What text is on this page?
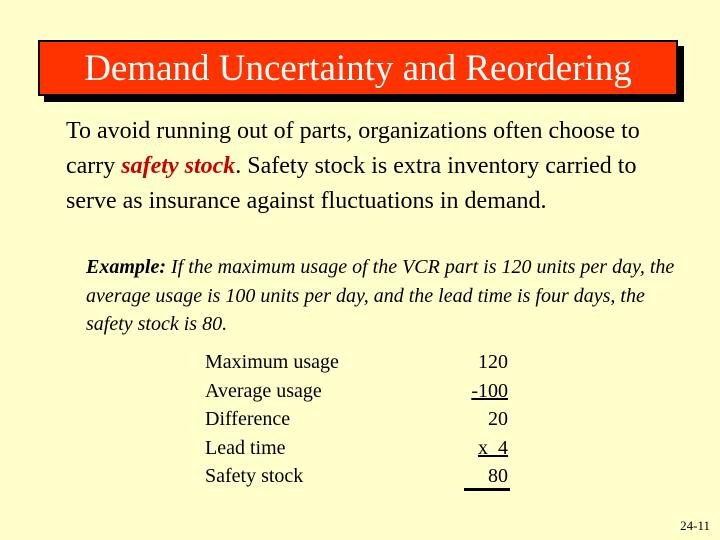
Demand Uncertainty and Reordering
To avoid running out of parts, organizations often choose to carry safety stock. Safety stock is extra inventory carried to serve as insurance against fluctuations in demand.
Example: If the maximum usage of the VCR part is 120 units per day, the average usage is 100 units per day, and the lead time is four days, the safety stock is 80.
Maximum usage
Average usage
Difference
Lead time
Safety stock
120
-100
20
x  4
80
24-11
